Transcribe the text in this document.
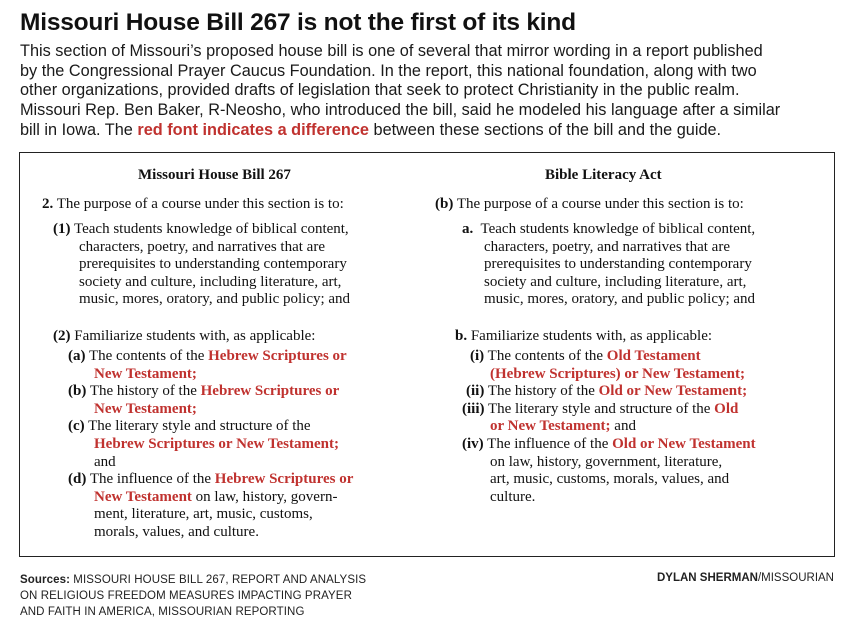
Missouri House Bill 267 is not the first of its kind

This section of Missouri’s proposed house bill is one of several that mirror wording in a report published
by the Congressional Prayer Caucus Foundation. In the report, this national foundation, along with two
other organizations, provided drafts of legislation that seek to protect Christianity in the public realm.
Missouri Rep. Ben Baker, R-Neosho, who introduced the bill, said he modeled his language after a similar
bill in Iowa. The red font indicates a difference between these sections of the bill and the guide.

Missouri House Bill 267
2. The purpose of a course under this section is to:
(1) Teach students knowledge of biblical content,
characters, poetry, and narratives that are
prerequisites to understanding contemporary
society and culture, including literature, art,
music, mores, oratory, and public policy; and
(2) Familiarize students with, as applicable:
(a) The contents of the Hebrew Scriptures or
New Testament;
(b) The history of the Hebrew Scriptures or
New Testament;
(c) The literary style and structure of the
Hebrew Scriptures or New Testament;
and
(d) The influence of the Hebrew Scriptures or
New Testament on law, history, govern-
ment, literature, art, music, customs,
morals, values, and culture.
Bible Literacy Act
(b) The purpose of a course under this section is to:
a. Teach students knowledge of biblical content,
characters, poetry, and narratives that are
prerequisites to understanding contemporary
society and culture, including literature, art,
music, mores, oratory, and public policy; and
b. Familiarize students with, as applicable:
(i) The contents of the Old Testament
(Hebrew Scriptures) or New Testament;
(ii) The history of the Old or New Testament;
(iii) The literary style and structure of the Old
or New Testament; and
(iv) The influence of the Old or New Testament
on law, history, government, literature,
art, music, customs, morals, values, and
culture.

Sources: MISSOURI HOUSE BILL 267, REPORT AND ANALYSIS
ON RELIGIOUS FREEDOM MEASURES IMPACTING PRAYER
AND FAITH IN AMERICA, MISSOURIAN REPORTING

DYLAN SHERMAN/MISSOURIAN
